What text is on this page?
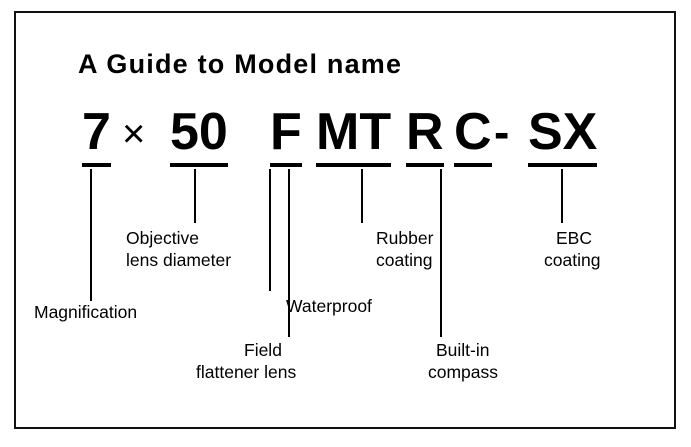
A Guide to Model name
7 × 50 F MT R C - SX
Magnification
Objective
lens diameter
Waterproof
Field
flattener lens
Rubber
coating
Built-in
compass
EBC
coating
